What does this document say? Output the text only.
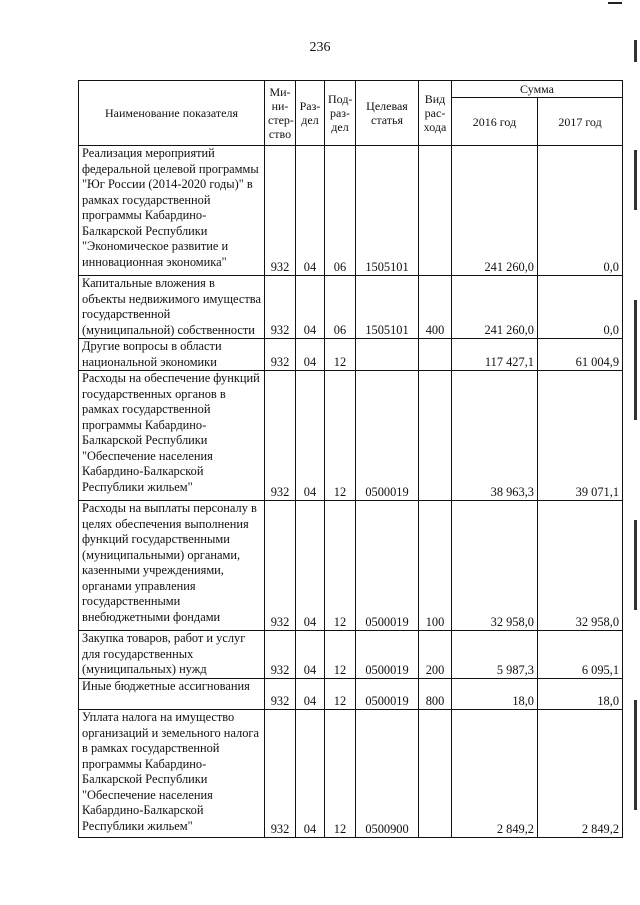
236
Наименование показателя	Ми-ни-стер-ство	Раз-дел	Под-раз-дел	Целевая статья	Вид рас-хода	Сумма	
						2016 год	2017 год
Реализация мероприятий федеральной целевой программы "Юг России (2014-2020 годы)" в рамках государственной программы Кабардино-Балкарской Республики "Экономическое развитие и инновационная экономика"	932	04	06	1505101		241 260,0	0,0
Капитальные вложения в объекты недвижимого имущества государственной (муниципальной) собственности	932	04	06	1505101	400	241 260,0	0,0
Другие вопросы в области национальной экономики	932	04	12			117 427,1	61 004,9
Расходы на обеспечение функций государственных органов в рамках государственной программы Кабардино-Балкарской Республики "Обеспечение населения Кабардино-Балкарской Республики жильем"	932	04	12	0500019		38 963,3	39 071,1
Расходы на выплаты персоналу в целях обеспечения выполнения функций государственными (муниципальными) органами, казенными учреждениями, органами управления государственными внебюджетными фондами	932	04	12	0500019	100	32 958,0	32 958,0
Закупка товаров, работ и услуг для государственных (муниципальных) нужд	932	04	12	0500019	200	5 987,3	6 095,1
Иные бюджетные ассигнования	932	04	12	0500019	800	18,0	18,0
Уплата налога на имущество организаций и земельного налога в рамках государственной программы Кабардино-Балкарской Республики "Обеспечение населения Кабардино-Балкарской Республики жильем"	932	04	12	0500900		2 849,2	2 849,2
